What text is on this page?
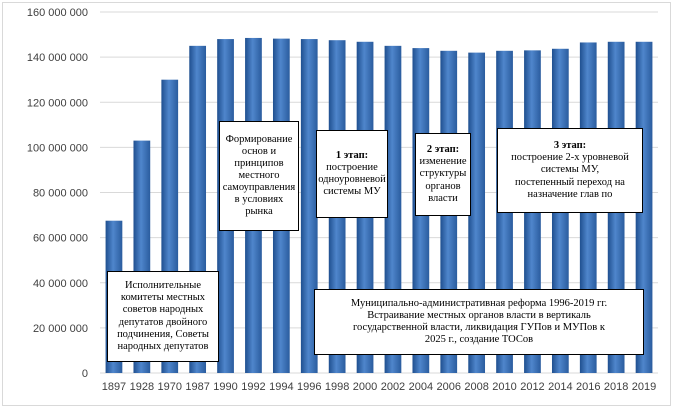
0
20 000 000
40 000 000
60 000 000
80 000 000
100 000 000
120 000 000
140 000 000
160 000 000
1897 1928 1970 1987 1990 1992 1994 1996 1998 2000 2002 2004 2006 2008 2010 2012 2014 2016 2018 2019
Исполнительные
комитеты местных
советов народных
депутатов двойного
подчинения, Советы
народных депутатов
Формирование
основ и
принципов
местного
самоуправления
в условиях
рынка
1 этап:
построение
одноуровневой
системы МУ
2 этап:
изменение
структуры
органов
власти
3 этап:
построение 2-х уровневой
системы МУ,
постепенный переход на
назначение глав по
Муниципально-административная реформа 1996-2019 гг.
Встраивание местных органов власти в вертикаль
государственной власти, ликвидация ГУПов и МУПов к
2025 г., создание ТОСов
